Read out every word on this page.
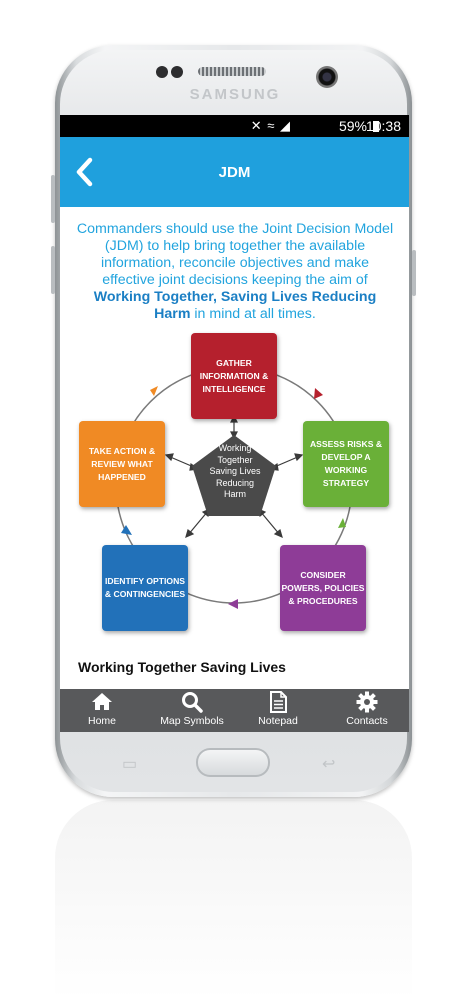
SAMSUNG
✕ ≈ ◢	59%
10:38
JDM
Commanders should use the Joint Decision Model (JDM) to help bring together the available information, reconcile objectives and make effective joint decisions keeping the aim of Working Together, Saving Lives Reducing Harm in mind at all times.
GATHER INFORMATION & INTELLIGENCE
ASSESS RISKS & DEVELOP A WORKING STRATEGY
CONSIDER POWERS, POLICIES & PROCEDURES
IDENTIFY OPTIONS & CONTINGENCIES
TAKE ACTION & REVIEW WHAT HAPPENED
Working Together Saving Lives Reducing Harm
Working Together Saving Lives
Home	Map Symbols	Notepad	Contacts
▭	↩
